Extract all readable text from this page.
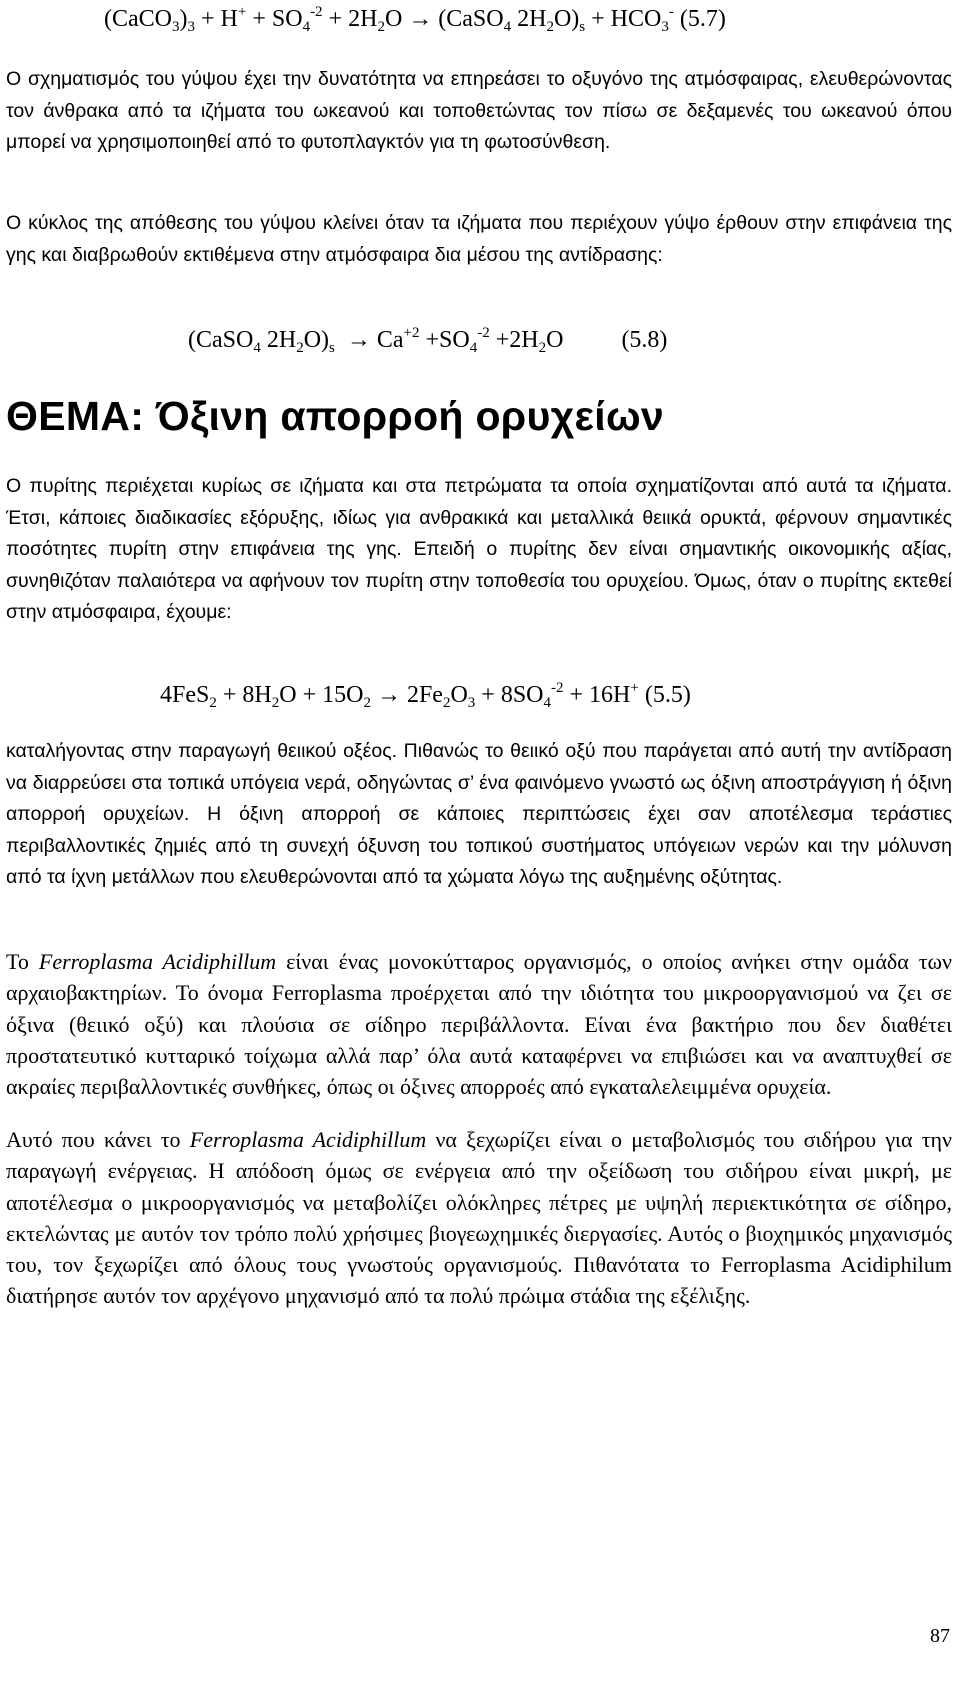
$(CaCO_3)_3 + H^+ + SO_4^{-2} + 2H_2O$ → (CaSO$_4$ $2H_2O)_s + HCO_3^-$ (5.7)

Ο σχηματισμός του γύψου έχει την δυνατότητα να επηρεάσει το οξυγόνο της ατμόσφαιρας, ελευθερώνοντας τον άνθρακα από τα ιζήματα του ωκεανού και τοποθετώντας τον πίσω σε δεξαμενές του ωκεανού όπου μπορεί να χρησιμοποιηθεί από το φυτοπλαγκτόν για τη φωτοσύνθεση.

Ο κύκλος της απόθεσης του γύψου κλείνει όταν τα ιζήματα που περιέχουν γύψο έρθουν στην επιφάνεια της γης και διαβρωθούν εκτιθέμενα στην ατμόσφαιρα δια μέσου της αντίδρασης:

(CaSO$_4$ $2H_2O)_s \to Ca^{+2} +SO_4^{-2} +2H_2O$ (5.8)
ΘΕΜΑ: Όξινη απορροή ορυχείων

Ο πυρίτης περιέχεται κυρίως σε ιζήματα και στα πετρώματα τα οποία σχηματίζονται από αυτά τα ιζήματα. Έτσι, κάποιες διαδικασίες εξόρυξης, ιδίως για ανθρακικά και μεταλλικά θειικά ορυκτά, φέρνουν σημαντικές ποσότητες πυρίτη στην επιφάνεια της γης. Επειδή ο πυρίτης δεν είναι σημαντικής οικονομικής αξίας, συνηθιζόταν παλαιότερα να αφήνουν τον πυρίτη στην τοποθεσία του ορυχείου. Όμως, όταν ο πυρίτης εκτεθεί στην ατμόσφαιρα, έχουμε:

$4FeS_2 + 8H_2O + 15O_2 \to 2Fe_2O_3 + 8SO_4^{-2} + 16H^+$ (5.5)

καταλήγοντας στην παραγωγή θειικού οξέος. Πιθανώς το θειικό οξύ που παράγεται από αυτή την αντίδραση να διαρρεύσει στα τοπικά υπόγεια νερά, οδηγώντας σ’ ένα φαινόμενο γνωστό ως όξινη αποστράγγιση ή όξινη απορροή ορυχείων. Η όξινη απορροή σε κάποιες περιπτώσεις έχει σαν αποτέλεσμα τεράστιες περιβαλλοντικές ζημιές από τη συνεχή όξυνση του τοπικού συστήματος υπόγειων νερών και την μόλυνση από τα ίχνη μετάλλων που ελευθερώνονται από τα χώματα λόγω της αυξημένης οξύτητας.

Το Ferroplasma Acidiphillum είναι ένας μονοκύτταρος οργανισμός, ο οποίος ανήκει στην ομάδα των αρχαιοβακτηρίων. Το όνομα Ferroplasma προέρχεται από την ιδιότητα του μικροοργανισμού να ζει σε όξινα (θειικό οξύ) και πλούσια σε σίδηρο περιβάλλοντα. Είναι ένα βακτήριο που δεν διαθέτει προστατευτικό κυτταρικό τοίχωμα αλλά παρ’ όλα αυτά καταφέρνει να επιβιώσει και να αναπτυχθεί σε ακραίες περιβαλλοντικές συνθήκες, όπως οι όξινες απορροές από εγκαταλελειμμένα ορυχεία.

Αυτό που κάνει το Ferroplasma Acidiphillum να ξεχωρίζει είναι ο μεταβολισμός του σιδήρου για την παραγωγή ενέργειας. Η απόδοση όμως σε ενέργεια από την οξείδωση του σιδήρου είναι μικρή, με αποτέλεσμα ο μικροοργανισμός να μεταβολίζει ολόκληρες πέτρες με υψηλή περιεκτικότητα σε σίδηρο, εκτελώντας με αυτόν τον τρόπο πολύ χρήσιμες βιογεωχημικές διεργασίες. Αυτός ο βιοχημικός μηχανισμός του, τον ξεχωρίζει από όλους τους γνωστούς οργανισμούς. Πιθανότατα το Ferroplasma Acidiphilum διατήρησε αυτόν τον αρχέγονο μηχανισμό από τα πολύ πρώιμα στάδια της εξέλιξης.

87
